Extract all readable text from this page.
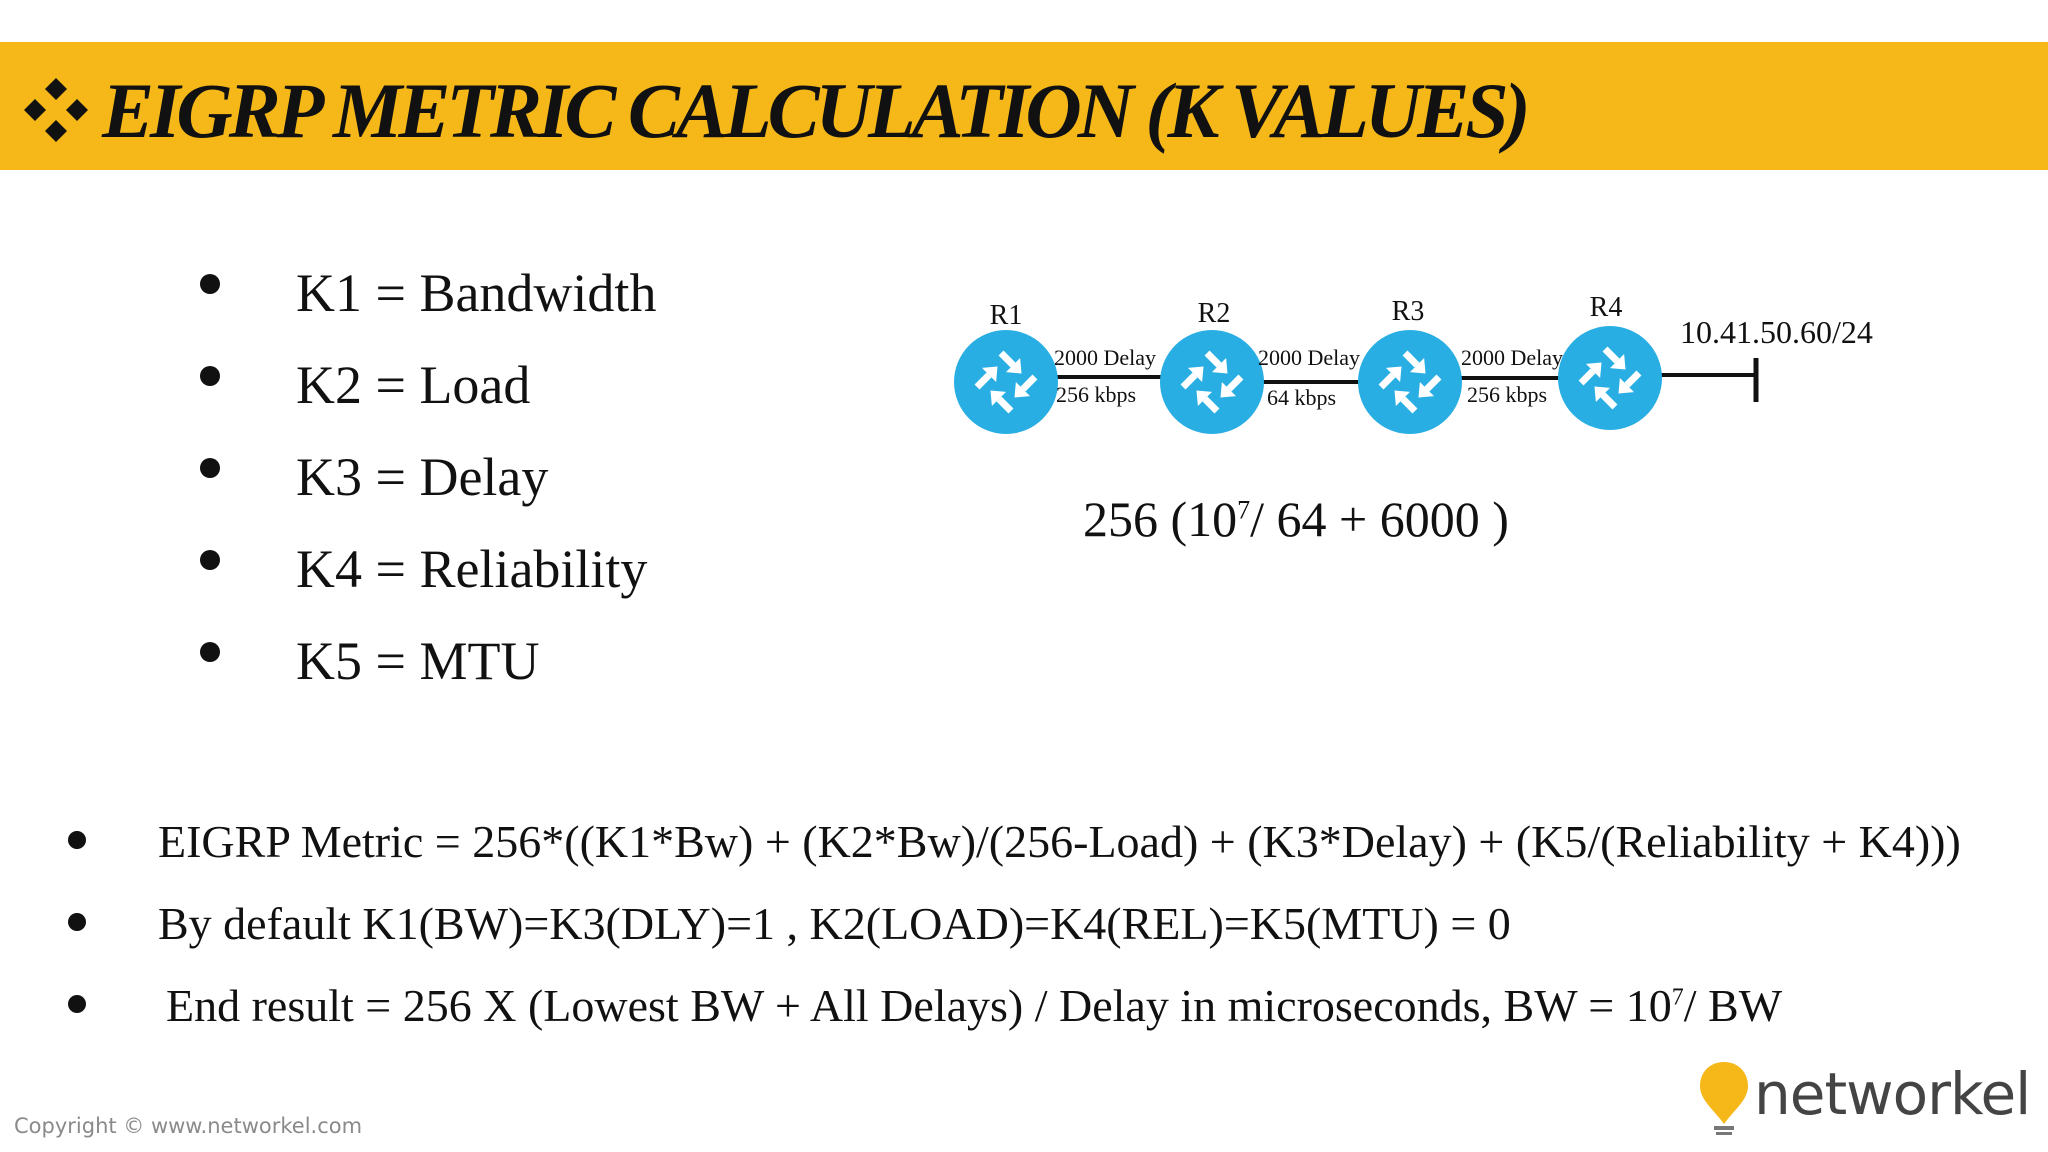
EIGRP METRIC CALCULATION (K VALUES)
K1 = Bandwidth
K2 = Load
K3 = Delay
K4 = Reliability
K5 = MTU
R1	R2	R3	R4
2000 Delay
256 kbps
2000 Delay
64 kbps
2000 Delay
256 kbps
10.41.50.60/24
256 ($10^7/$ 64 + 6000 )
EIGRP Metric = 256*((K1*Bw) + (K2*Bw)/(256-Load) + (K3*Delay) + (K5/(Reliability + K4)))
By default K1(BW)=K3(DLY)=1 , K2(LOAD)=K4(REL)=K5(MTU) = 0
End result = 256 X (Lowest BW + All Delays) / Delay in microseconds, BW = $10^7/$ BW
Copyright © www.networkel.com	networkel
